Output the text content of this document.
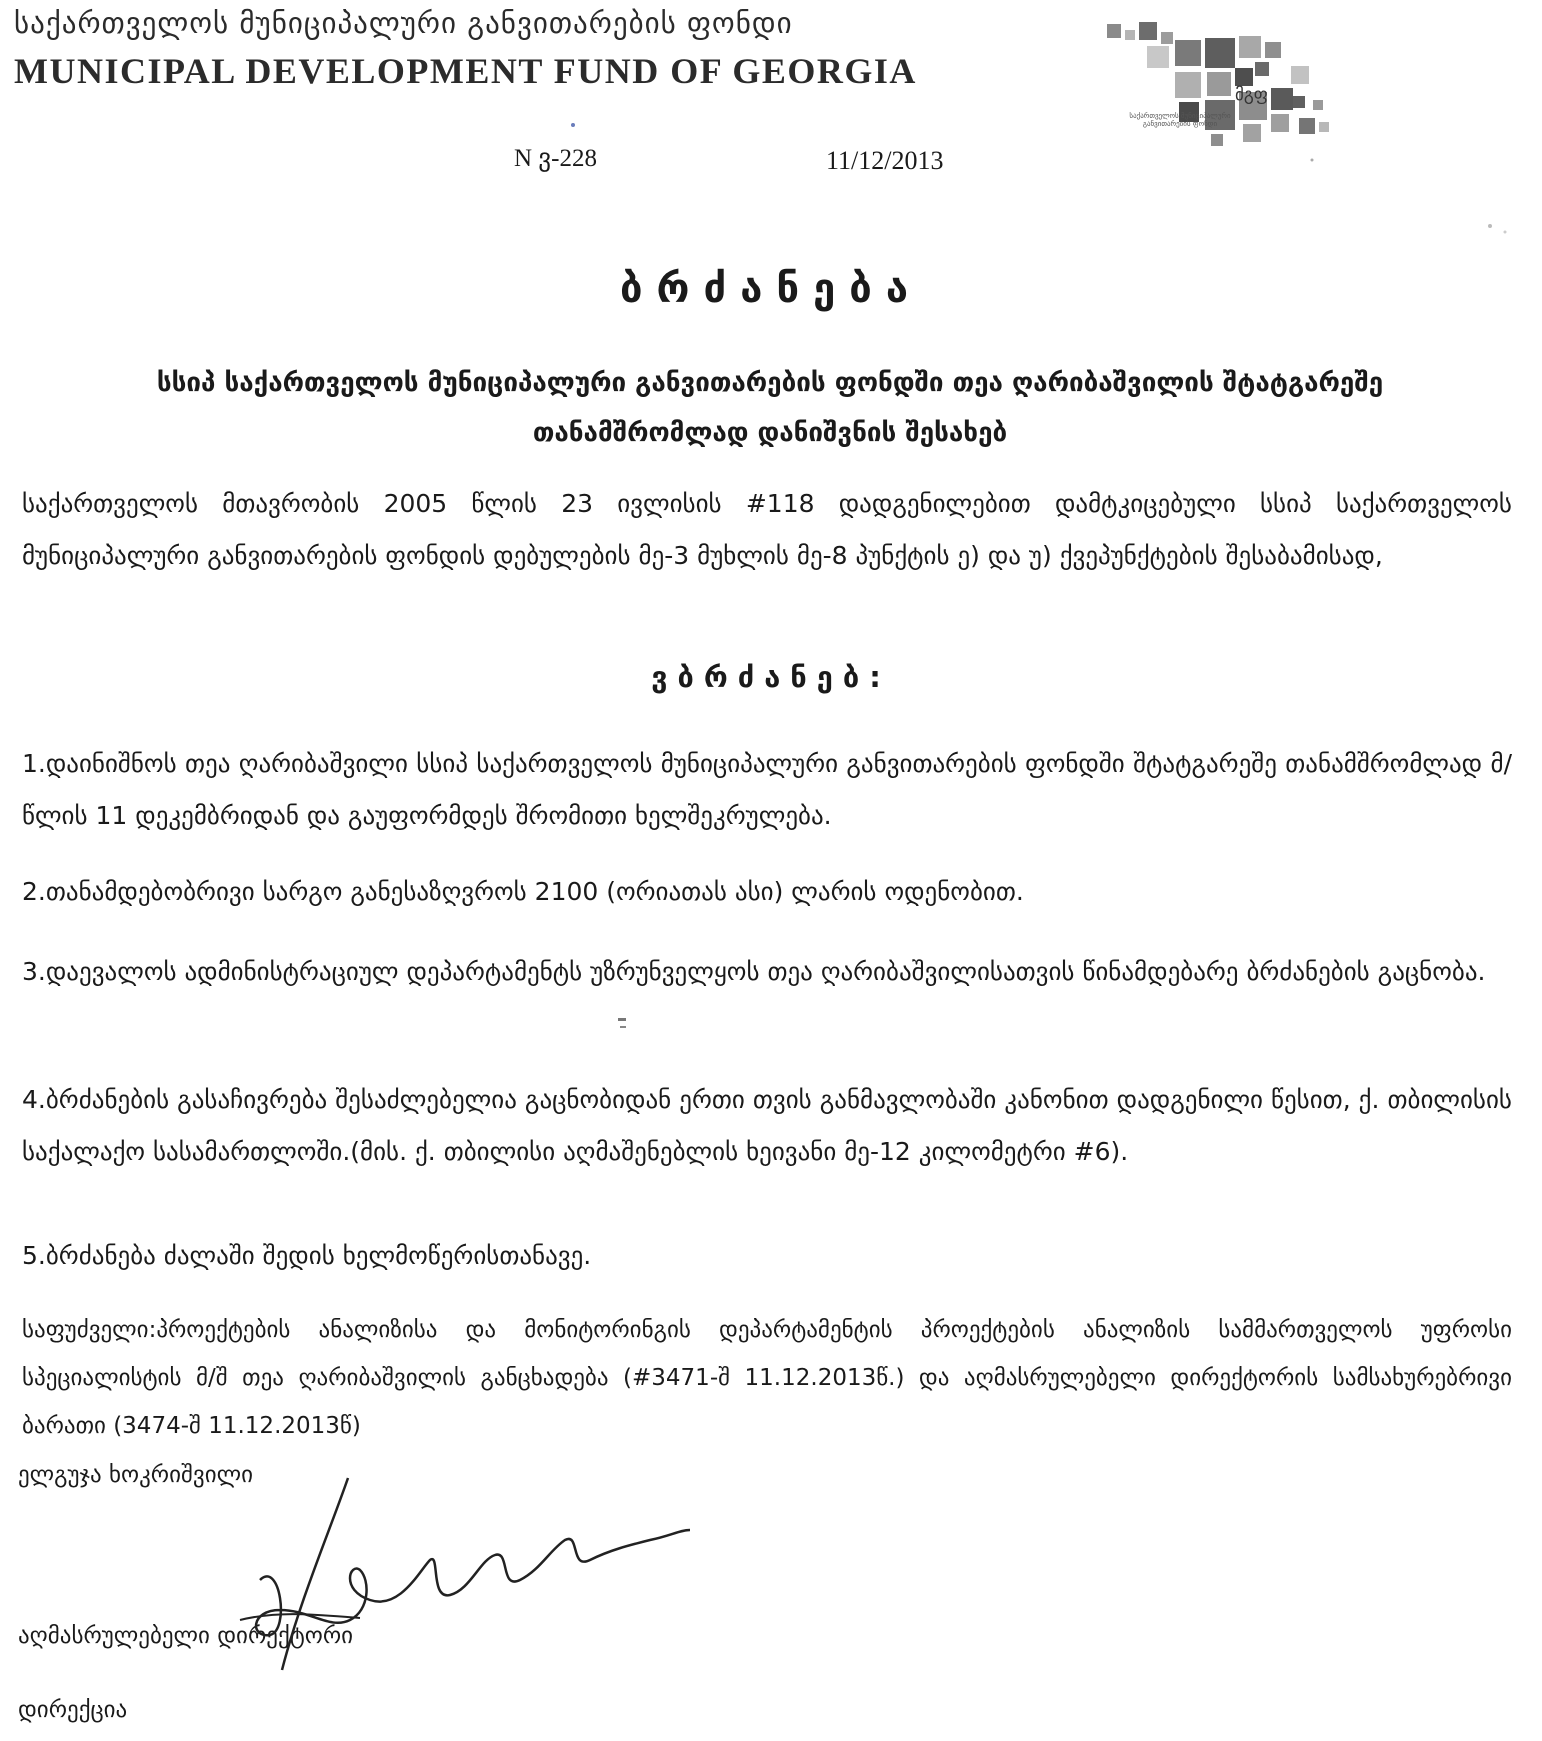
საქართველოს მუნიციპალური განვითარების ფონდი
MUNICIPAL DEVELOPMENT FUND OF GEORGIA
მგფ
საქართველოს მუნიციპალური განვითარების ფონდი
N ვ-228	11/12/2013
ბრძანება
სსიპ საქართველოს მუნიციპალური განვითარების ფონდში თეა ღარიბაშვილის შტატგარეშე თანამშრომლად დანიშვნის შესახებ
საქართველოს მთავრობის 2005 წლის 23 ივლისის #118 დადგენილებით დამტკიცებული სსიპ საქართველოს მუნიციპალური განვითარების ფონდის დებულების მე-3 მუხლის მე-8 პუნქტის ე) და უ) ქვეპუნქტების შესაბამისად,
ვბრძანებ:
1.დაინიშნოს თეა ღარიბაშვილი სსიპ საქართველოს მუნიციპალური განვითარების ფონდში შტატგარეშე თანამშრომლად მ/წლის 11 დეკემბრიდან და გაუფორმდეს შრომითი ხელშეკრულება.
2.თანამდებობრივი სარგო განესაზღვროს 2100 (ორიათას ასი) ლარის ოდენობით.
3.დაევალოს ადმინისტრაციულ დეპარტამენტს უზრუნველყოს თეა ღარიბაშვილისათვის წინამდებარე ბრძანების გაცნობა.
4.ბრძანების გასაჩივრება შესაძლებელია გაცნობიდან ერთი თვის განმავლობაში კანონით დადგენილი წესით, ქ. თბილისის საქალაქო სასამართლოში.(მის. ქ. თბილისი აღმაშენებლის ხეივანი მე-12 კილომეტრი #6).
5.ბრძანება ძალაში შედის ხელმოწერისთანავე.
საფუძველი:პროექტების ანალიზისა და მონიტორინგის დეპარტამენტის პროექტების ანალიზის სამმართველოს უფროსი სპეციალისტის მ/შ თეა ღარიბაშვილის განცხადება (#3471-შ 11.12.2013წ.) და აღმასრულებელი დირექტორის სამსახურებრივი ბარათი (3474-შ 11.12.2013წ)
ელგუჯა ხოკრიშვილი
აღმასრულებელი დირექტორი
დირექცია
